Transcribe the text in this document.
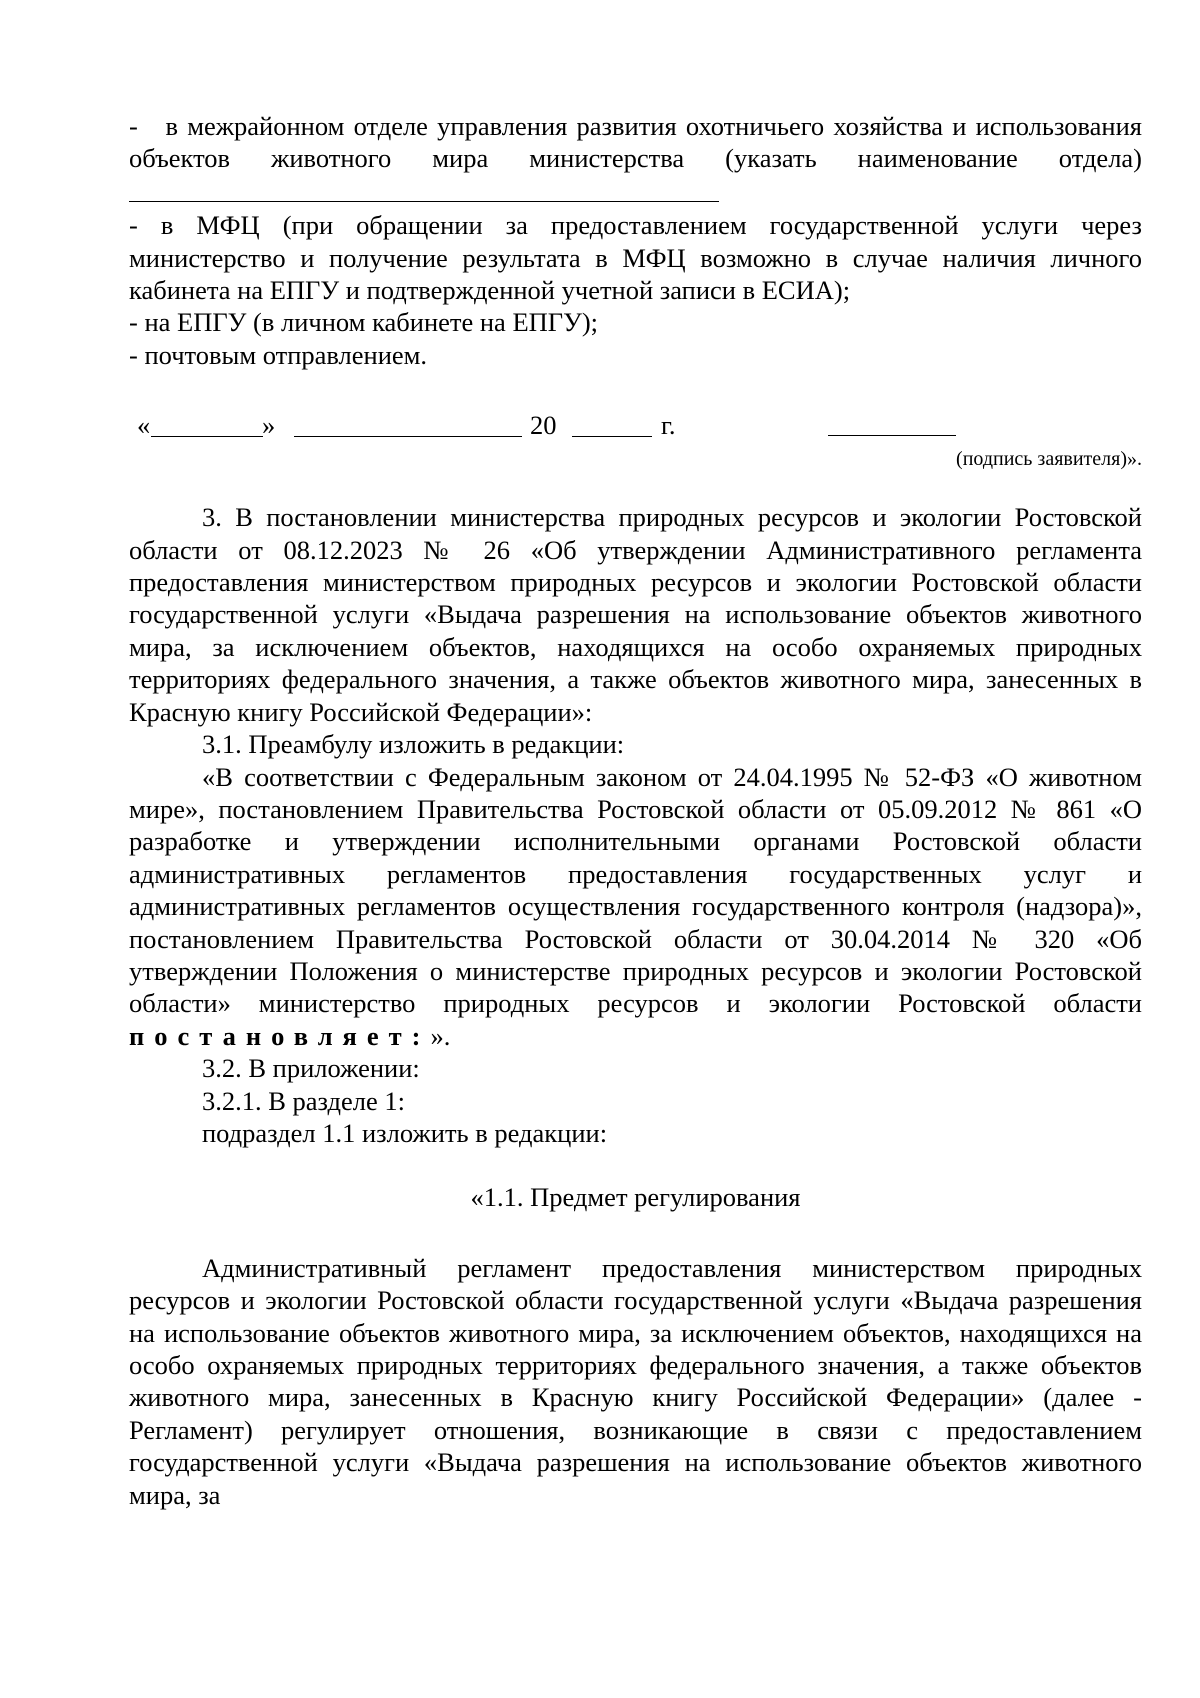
-   в межрайонном отделе управления развития охотничьего хозяйства и использования объектов животного мира министерства (указать наименование отдела)

- в МФЦ (при обращении за предоставлением государственной услуги через министерство и получение результата в МФЦ возможно в случае наличия личного кабинета на ЕПГУ и подтвержденной учетной записи в ЕСИА);

- на ЕПГУ (в личном кабинете на ЕПГУ);

- почтовым отправлением.

«	»	20	г.
(подпись заявителя)».

3. В постановлении министерства природных ресурсов и экологии Ростовской области от 08.12.2023 № 26 «Об утверждении Административного регламента предоставления министерством природных ресурсов и экологии Ростовской области государственной услуги «Выдача разрешения на использование объектов животного мира, за исключением объектов, находящихся на особо охраняемых природных территориях федерального значения, а также объектов животного мира, занесенных в Красную книгу Российской Федерации»:

3.1. Преамбулу изложить в редакции:

«В соответствии с Федеральным законом от 24.04.1995 № 52-ФЗ «О животном мире», постановлением Правительства Ростовской области от 05.09.2012 № 861 «О разработке и утверждении исполнительными органами Ростовской области административных регламентов предоставления государственных услуг и административных регламентов осуществления государственного контроля (надзора)», постановлением Правительства Ростовской области от 30.04.2014 № 320 «Об утверждении Положения о министерстве природных ресурсов и экологии Ростовской области» министерство природных ресурсов и экологии Ростовской области постановляет:».

3.2. В приложении:

3.2.1. В разделе 1:

подраздел 1.1 изложить в редакции:

«1.1. Предмет регулирования

Административный регламент предоставления министерством природных ресурсов и экологии Ростовской области государственной услуги «Выдача разрешения на использование объектов животного мира, за исключением объектов, находящихся на особо охраняемых природных территориях федерального значения, а также объектов животного мира, занесенных в Красную книгу Российской Федерации» (далее - Регламент) регулирует отношения, возникающие в связи с предоставлением государственной услуги «Выдача разрешения на использование объектов животного мира, за
